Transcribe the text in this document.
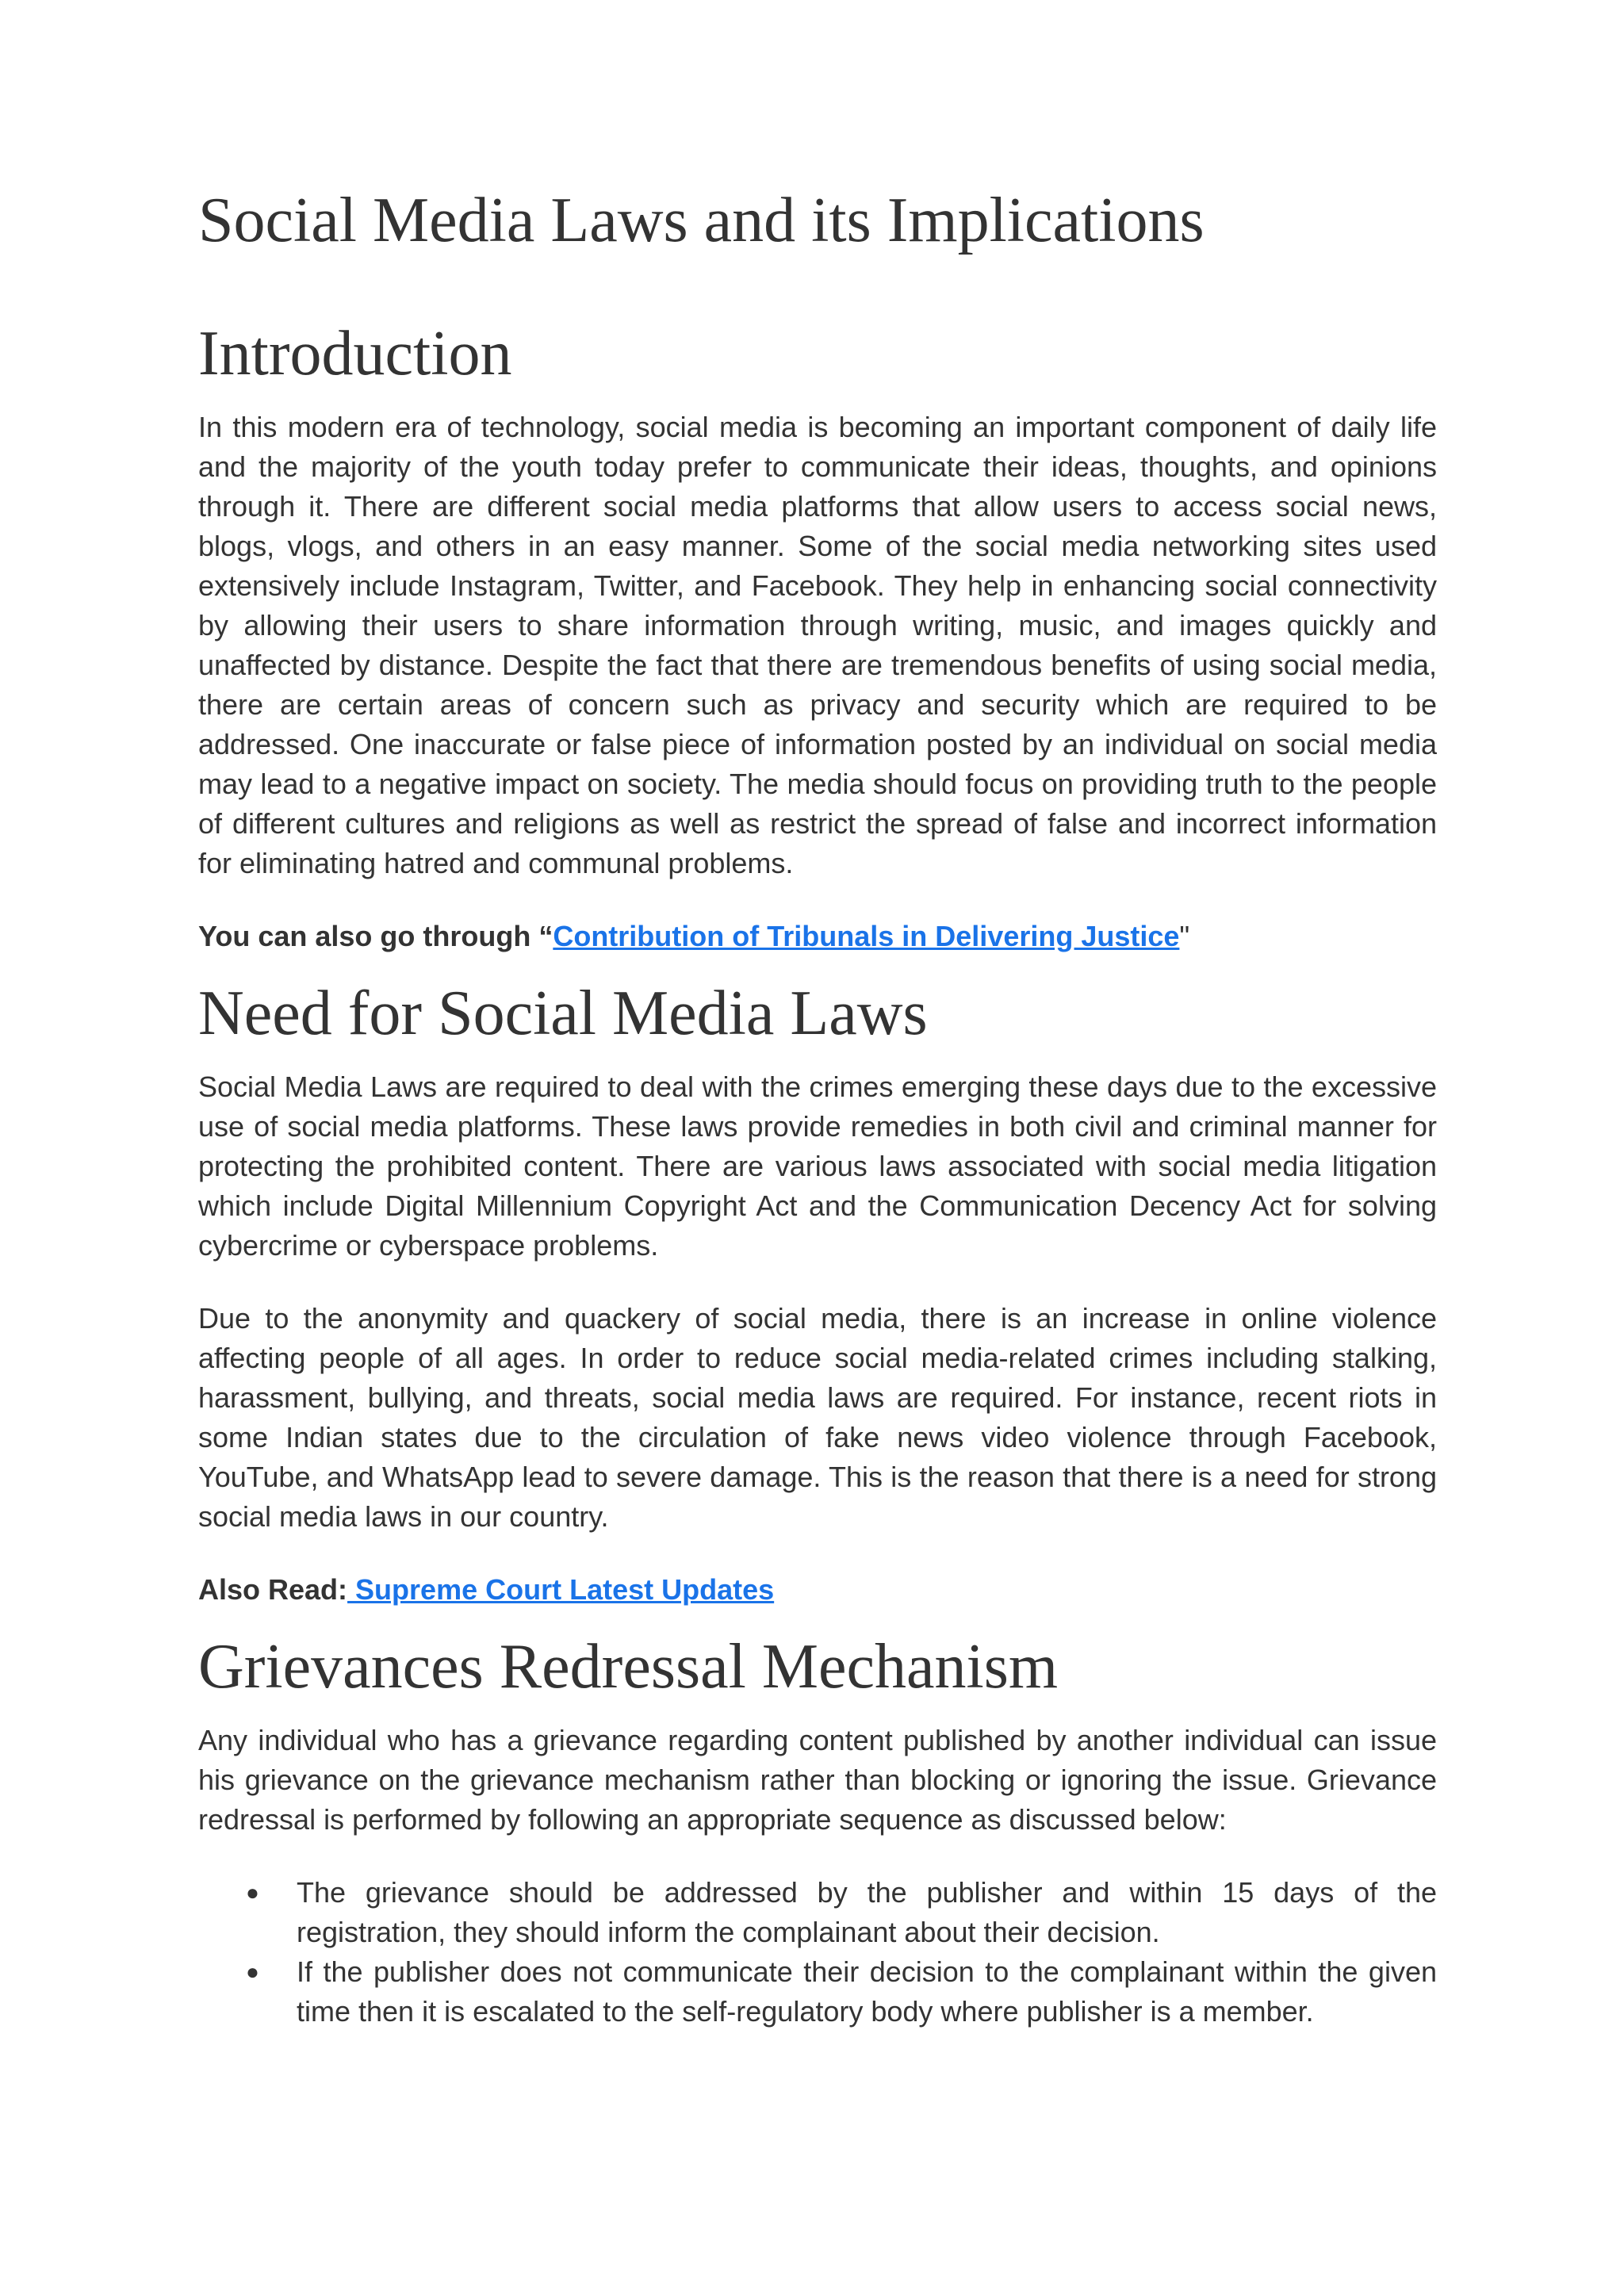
Social Media Laws and its Implications
Introduction

In this modern era of technology, social media is becoming an important component of daily life and the majority of the youth today prefer to communicate their ideas, thoughts, and opinions through it. There are different social media platforms that allow users to access social news, blogs, vlogs, and others in an easy manner. Some of the social media networking sites used extensively include Instagram, Twitter, and Facebook. They help in enhancing social connectivity by allowing their users to share information through writing, music, and images quickly and unaffected by distance. Despite the fact that there are tremendous benefits of using social media, there are certain areas of concern such as privacy and security which are required to be addressed. One inaccurate or false piece of information posted by an individual on social media may lead to a negative impact on society. The media should focus on providing truth to the people of different cultures and religions as well as restrict the spread of false and incorrect information for eliminating hatred and communal problems.

You can also go through “Contribution of Tribunals in Delivering Justice"

Need for Social Media Laws

Social Media Laws are required to deal with the crimes emerging these days due to the excessive use of social media platforms. These laws provide remedies in both civil and criminal manner for protecting the prohibited content. There are various laws associated with social media litigation which include Digital Millennium Copyright Act and the Communication Decency Act for solving cybercrime or cyberspace problems.

Due to the anonymity and quackery of social media, there is an increase in online violence affecting people of all ages. In order to reduce social media-related crimes including stalking, harassment, bullying, and threats, social media laws are required. For instance, recent riots in some Indian states due to the circulation of fake news video violence through Facebook, YouTube, and WhatsApp lead to severe damage. This is the reason that there is a need for strong social media laws in our country.

Also Read: Supreme Court Latest Updates

Grievances Redressal Mechanism

Any individual who has a grievance regarding content published by another individual can issue his grievance on the grievance mechanism rather than blocking or ignoring the issue. Grievance redressal is performed by following an appropriate sequence as discussed below:

● The grievance should be addressed by the publisher and within 15 days of the registration, they should inform the complainant about their decision.
● If the publisher does not communicate their decision to the complainant within the given time then it is escalated to the self-regulatory body where publisher is a member.
